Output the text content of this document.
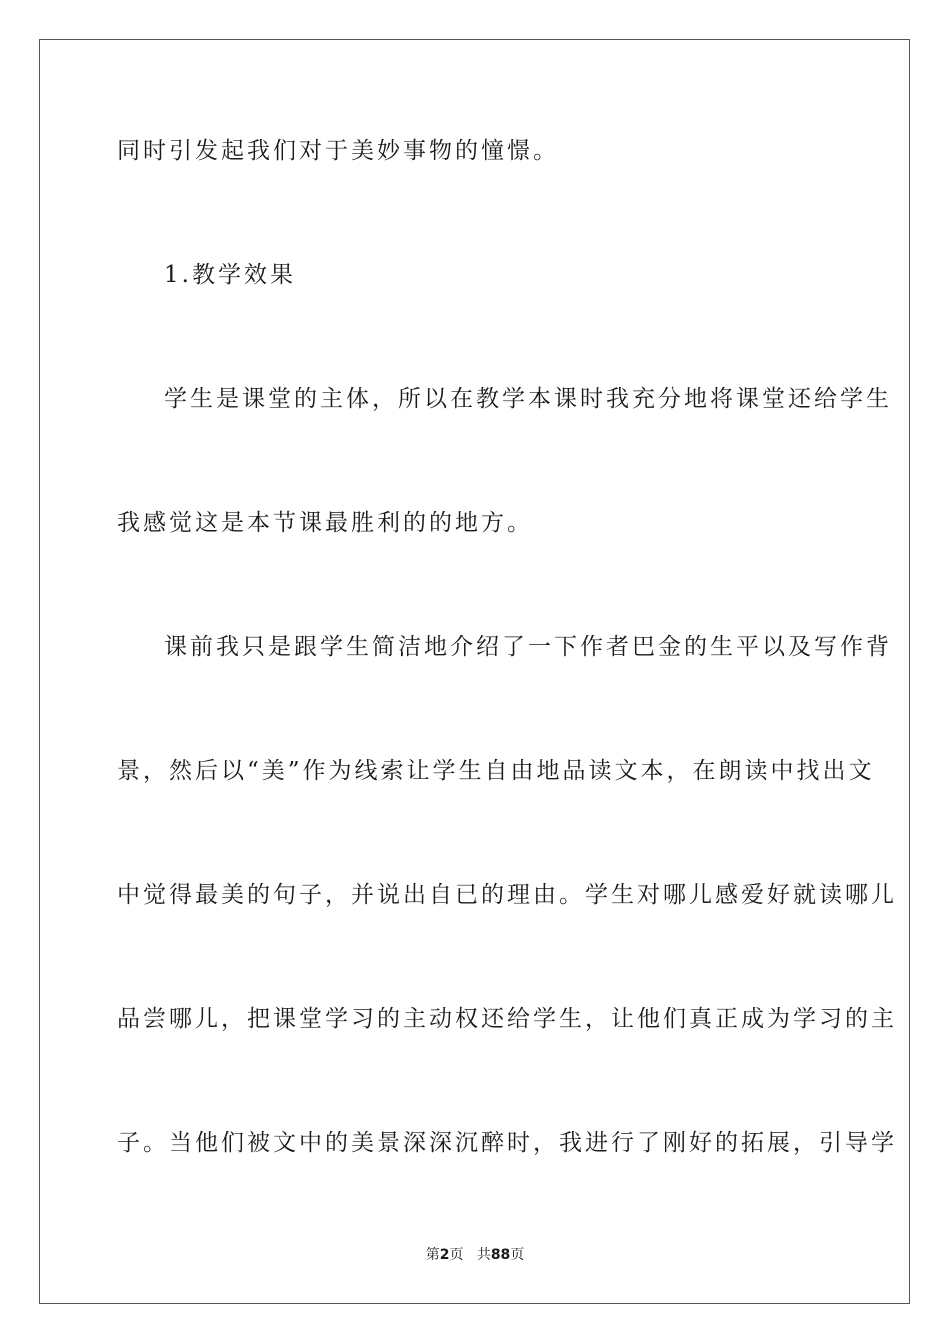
同时引发起我们对于美妙事物的憧憬。
1.教学效果
学生是课堂的主体，所以在教学本课时我充分地将课堂还给学生
我感觉这是本节课最胜利的的地方。
课前我只是跟学生简洁地介绍了一下作者巴金的生平以及写作背
景，然后以“美”作为线索让学生自由地品读文本，在朗读中找出文
中觉得最美的句子，并说出自已的理由。学生对哪儿感爱好就读哪儿
品尝哪儿，把课堂学习的主动权还给学生，让他们真正成为学习的主
子。当他们被文中的美景深深沉醉时，我进行了刚好的拓展，引导学
第2页 共88页
